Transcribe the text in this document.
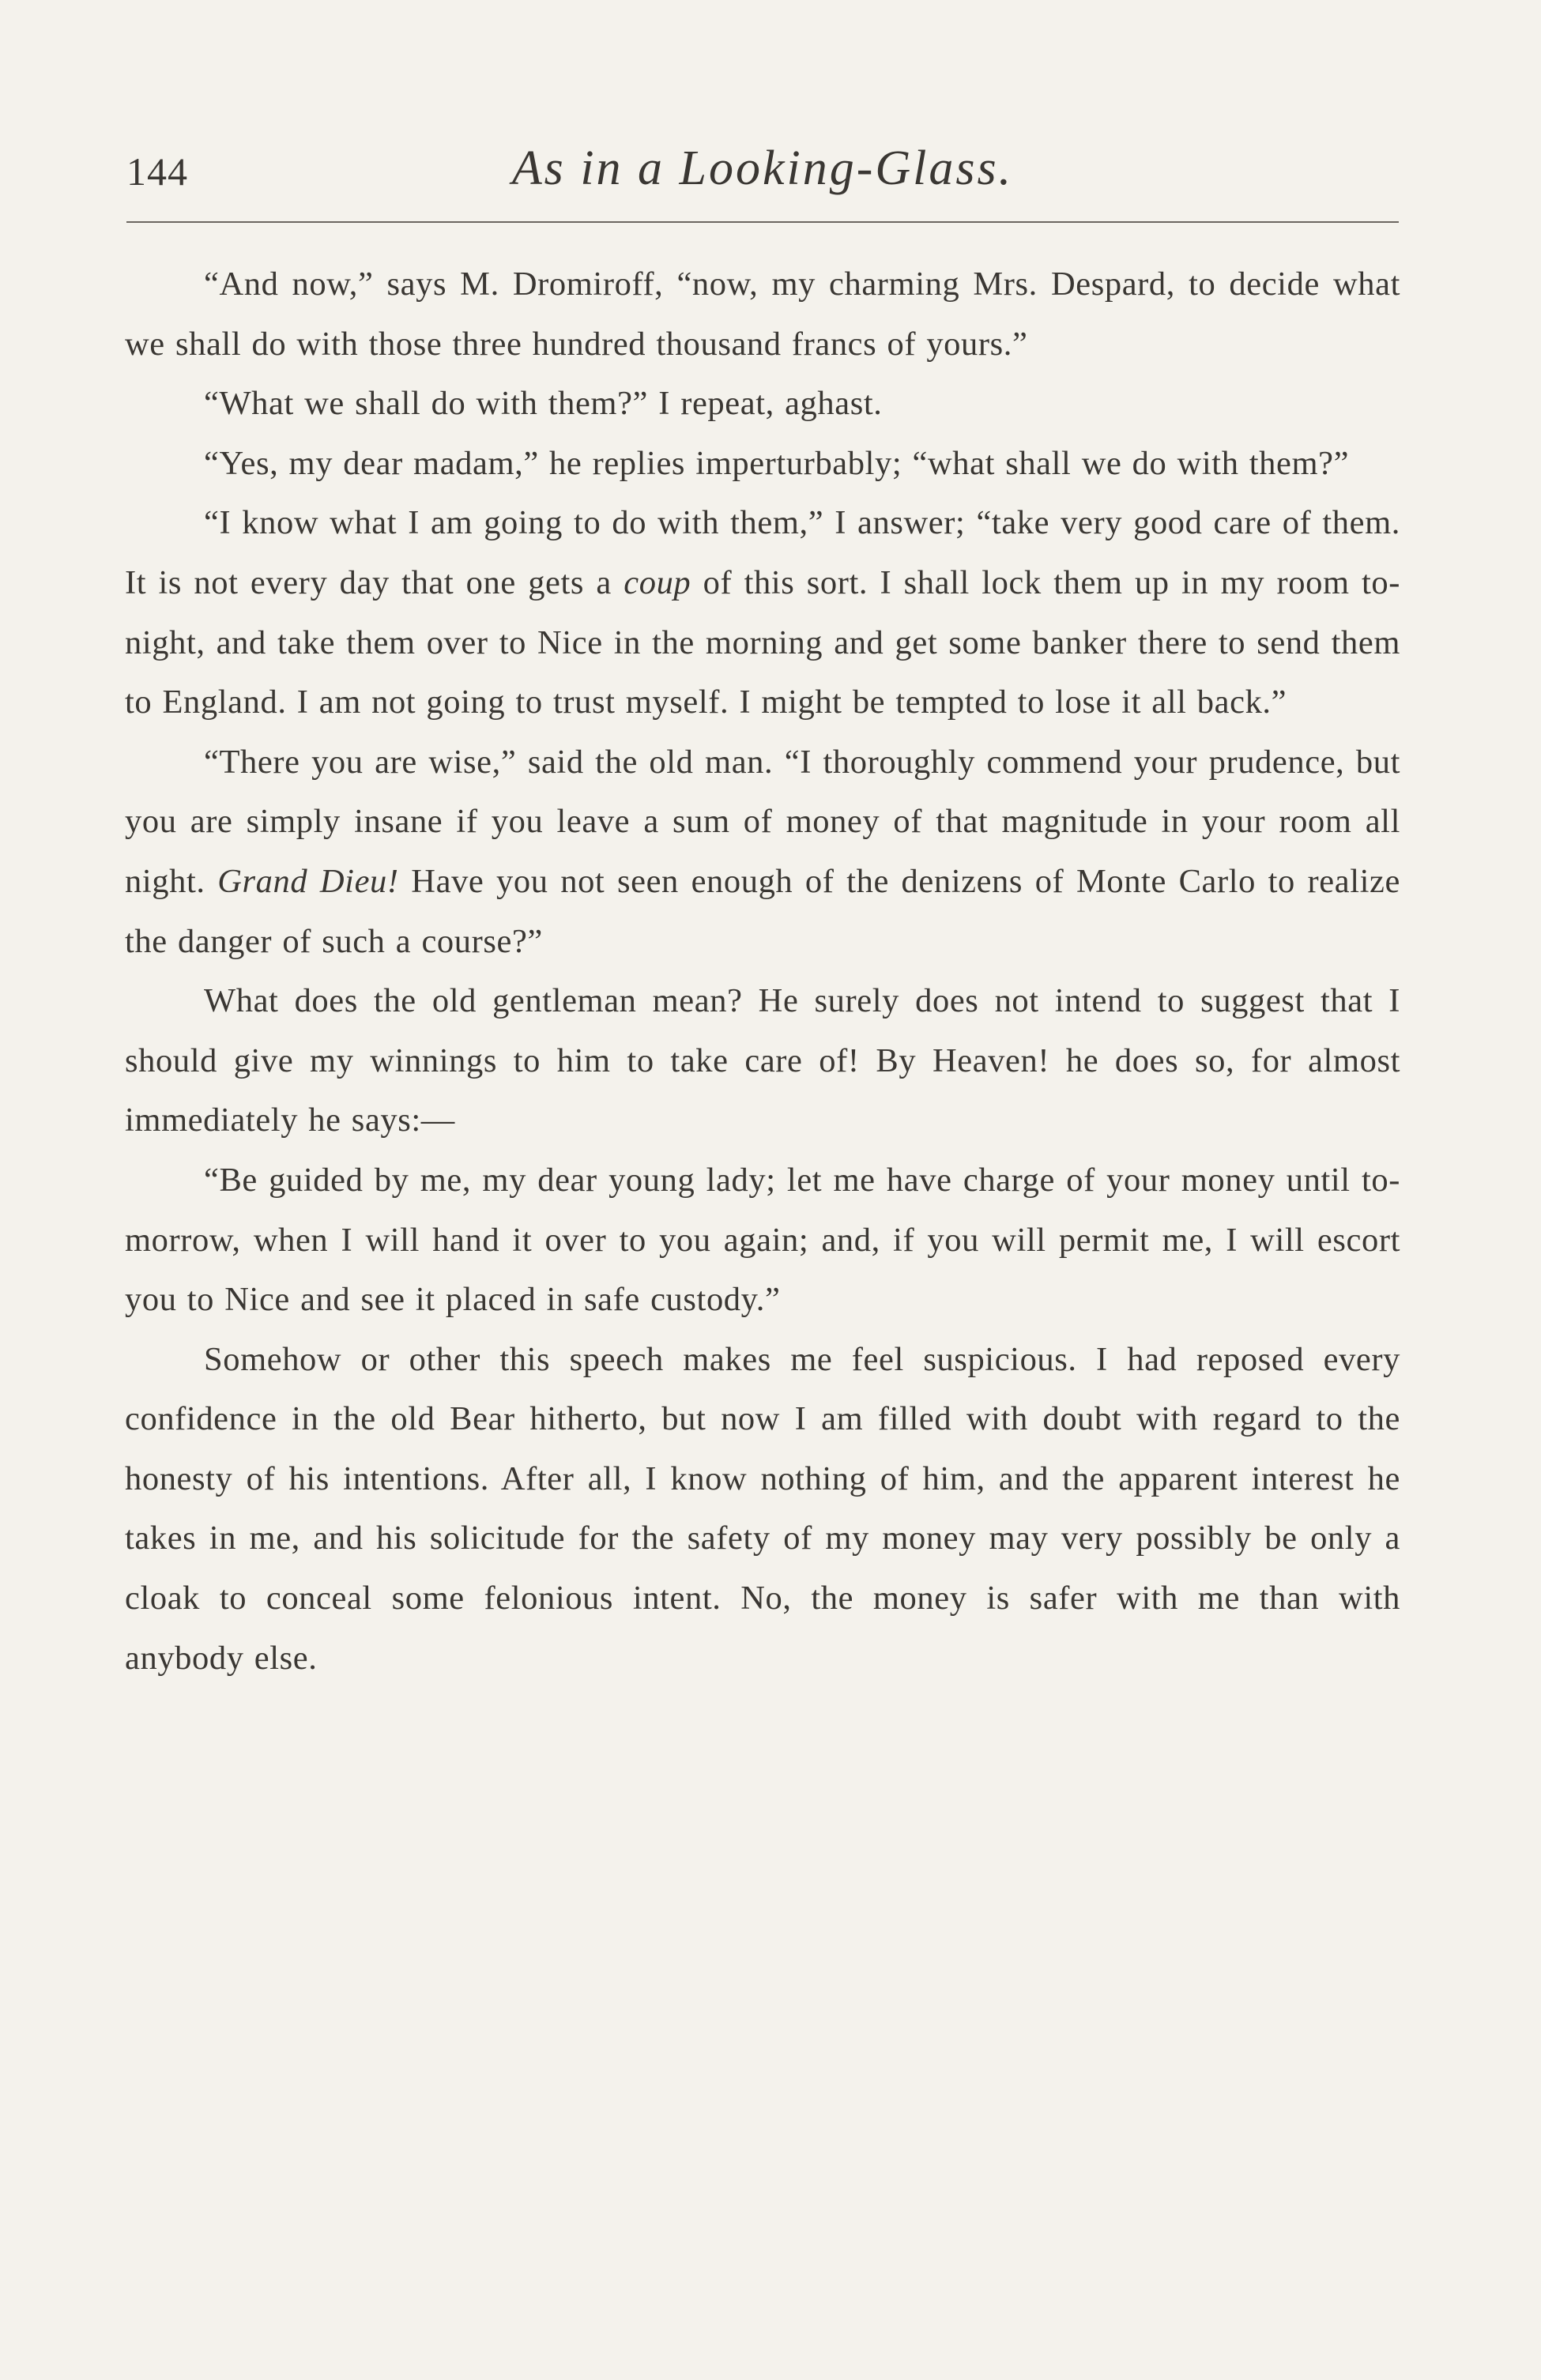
144	As in a Looking-Glass.

“And now,” says M. Dromiroff, “now, my charming Mrs. Despard, to decide what we shall do with those three hundred thousand francs of yours.”

“What we shall do with them?” I repeat, aghast.

“Yes, my dear madam,” he replies imperturbably; “what shall we do with them?”

“I know what I am going to do with them,” I answer; “take very good care of them. It is not every day that one gets a coup of this sort. I shall lock them up in my room to-night, and take them over to Nice in the morning and get some banker there to send them to England. I am not going to trust myself. I might be tempted to lose it all back.”

“There you are wise,” said the old man. “I thoroughly commend your prudence, but you are simply insane if you leave a sum of money of that magnitude in your room all night. Grand Dieu! Have you not seen enough of the denizens of Monte Carlo to realize the danger of such a course?”

What does the old gentleman mean? He surely does not intend to suggest that I should give my winnings to him to take care of! By Heaven! he does so, for almost immediately he says:—

“Be guided by me, my dear young lady; let me have charge of your money until to-morrow, when I will hand it over to you again; and, if you will permit me, I will escort you to Nice and see it placed in safe custody.”

Somehow or other this speech makes me feel suspicious. I had reposed every confidence in the old Bear hitherto, but now I am filled with doubt with regard to the honesty of his intentions. After all, I know nothing of him, and the apparent interest he takes in me, and his solicitude for the safety of my money may very possibly be only a cloak to conceal some felonious intent. No, the money is safer with me than with anybody else.
